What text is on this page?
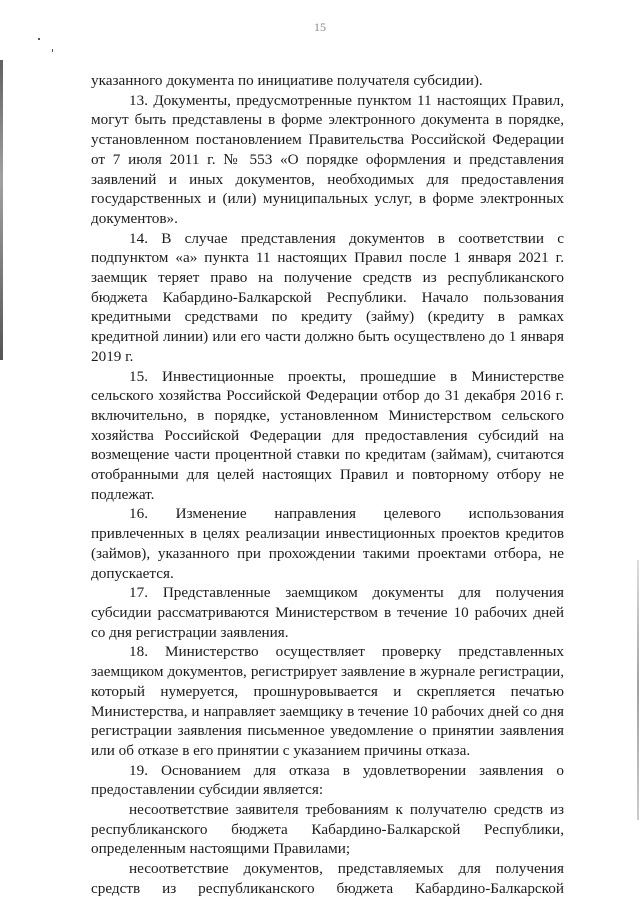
15

указанного документа по инициативе получателя субсидии).

13. Документы, предусмотренные пунктом 11 настоящих Правил, могут быть представлены в форме электронного документа в порядке, установленном постановлением Правительства Российской Федерации от 7 июля 2011 г. № 553 «О порядке оформления и представления заявлений и иных документов, необходимых для предоставления государственных и (или) муниципальных услуг, в форме электронных документов».

14. В случае представления документов в соответствии с подпунктом «а» пункта 11 настоящих Правил после 1 января 2021 г. заемщик теряет право на получение средств из республиканского бюджета Кабардино-Балкарской Республики. Начало пользования кредитными средствами по кредиту (займу) (кредиту в рамках кредитной линии) или его части должно быть осуществлено до 1 января 2019 г.

15. Инвестиционные проекты, прошедшие в Министерстве сельского хозяйства Российской Федерации отбор до 31 декабря 2016 г. включительно, в порядке, установленном Министерством сельского хозяйства Российской Федерации для предоставления субсидий на возмещение части процентной ставки по кредитам (займам), считаются отобранными для целей настоящих Правил и повторному отбору не подлежат.

16. Изменение направления целевого использования привлеченных в целях реализации инвестиционных проектов кредитов (займов), указанного при прохождении такими проектами отбора, не допускается.

17. Представленные заемщиком документы для получения субсидии рассматриваются Министерством в течение 10 рабочих дней со дня регистрации заявления.

18. Министерство осуществляет проверку представленных заемщиком документов, регистрирует заявление в журнале регистрации, который нумеруется, прошнуровывается и скрепляется печатью Министерства, и направляет заемщику в течение 10 рабочих дней со дня регистрации заявления письменное уведомление о принятии заявления или об отказе в его принятии с указанием причины отказа.

19. Основанием для отказа в удовлетворении заявления о предоставлении субсидии является:

несоответствие заявителя требованиям к получателю средств из республиканского бюджета Кабардино-Балкарской Республики, определенным настоящими Правилами;

несоответствие документов, представляемых для получения средств из республиканского бюджета Кабардино-Балкарской
